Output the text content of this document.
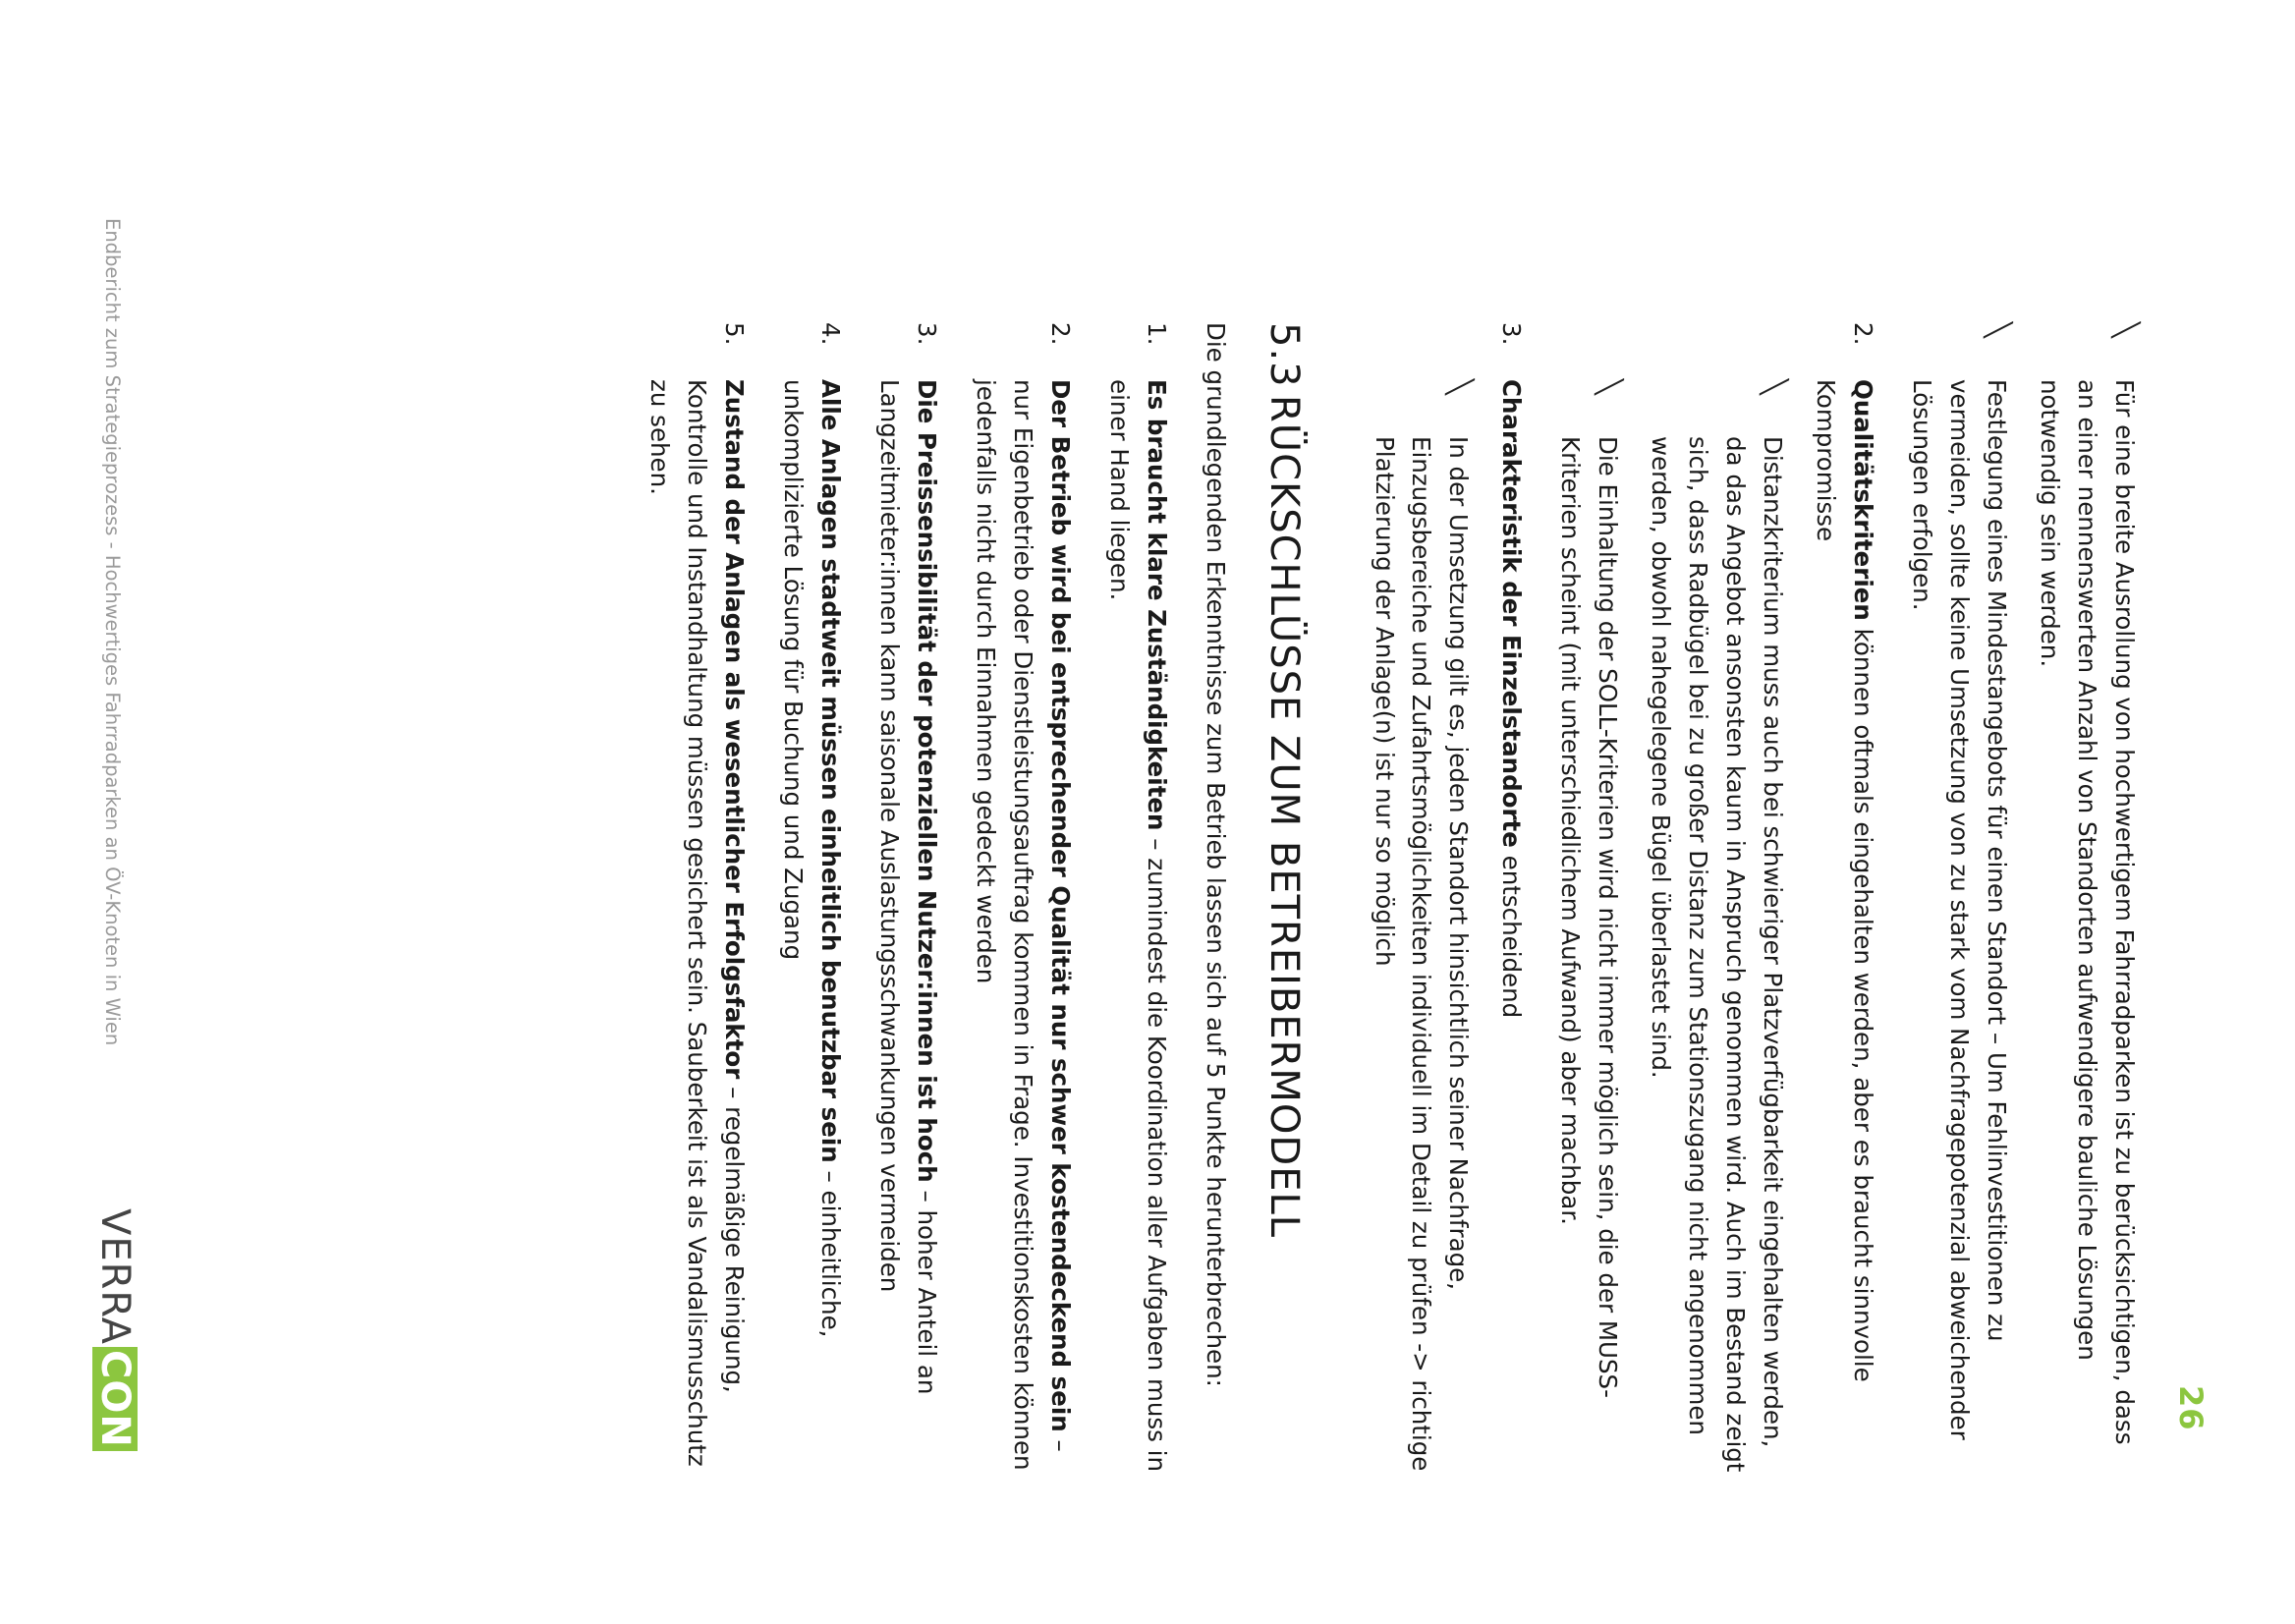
26
╲ Für eine breite Ausrollung von hochwertigem Fahrradparken ist zu berücksichtigen, dass an einer nennenswerten Anzahl von Standorten aufwendigere bauliche Lösungen notwendig sein werden.
╲ Festlegung eines Mindestangebots für einen Standort – Um Fehlinvestitionen zu vermeiden, sollte keine Umsetzung von zu stark vom Nachfragepotenzial abweichender Lösungen erfolgen.
2.
Qualitätskriterien können oftmals eingehalten werden, aber es braucht sinnvolle Kompromisse
╲ Distanzkriterium muss auch bei schwieriger Platzverfügbarkeit eingehalten werden, da das Angebot ansonsten kaum in Anspruch genommen wird. Auch im Bestand zeigt sich, dass Radbügel bei zu großer Distanz zum Stationszugang nicht angenommen werden, obwohl nahegelegene Bügel überlastet sind.
╲ Die Einhaltung der SOLL-Kriterien wird nicht immer möglich sein, die der MUSS-Kriterien scheint (mit unterschiedlichem Aufwand) aber machbar.
3.
Charakteristik der Einzelstandorte entscheidend
╲ In der Umsetzung gilt es, jeden Standort hinsichtlich seiner Nachfrage, Einzugsbereiche und Zufahrtsmöglichkeiten individuell im Detail zu prüfen -> richtige Platzierung der Anlage(n) ist nur so möglich
5.3RÜCKSCHLÜSSE ZUM BETREIBERMODELL
Die grundlegenden Erkenntnisse zum Betrieb lassen sich auf 5 Punkte herunterbrechen:
1.
Es braucht klare Zuständigkeiten – zumindest die Koordination aller Aufgaben muss in einer Hand liegen.
2.
Der Betrieb wird bei entsprechender Qualität nur schwer kostendeckend sein – nur Eigenbetrieb oder Dienstleistungsauftrag kommen in Frage. Investitionskosten können jedenfalls nicht durch Einnahmen gedeckt werden
3.
Die Preissensibilität der potenziellen Nutzer:innen ist hoch – hoher Anteil an Langzeitmieter:innen kann saisonale Auslastungsschwankungen vermeiden
4.
Alle Anlagen stadtweit müssen einheitlich benutzbar sein – einheitliche, unkomplizierte Lösung für Buchung und Zugang
5.
Zustand der Anlagen als wesentlicher Erfolgsfaktor – regelmäßige Reinigung, Kontrolle und Instandhaltung müssen gesichert sein. Sauberkeit ist als Vandalismusschutz zu sehen.
Endbericht zum Strategieprozess - Hochwertiges Fahrradparken an ÖV-Knoten in Wien
VERRACON
